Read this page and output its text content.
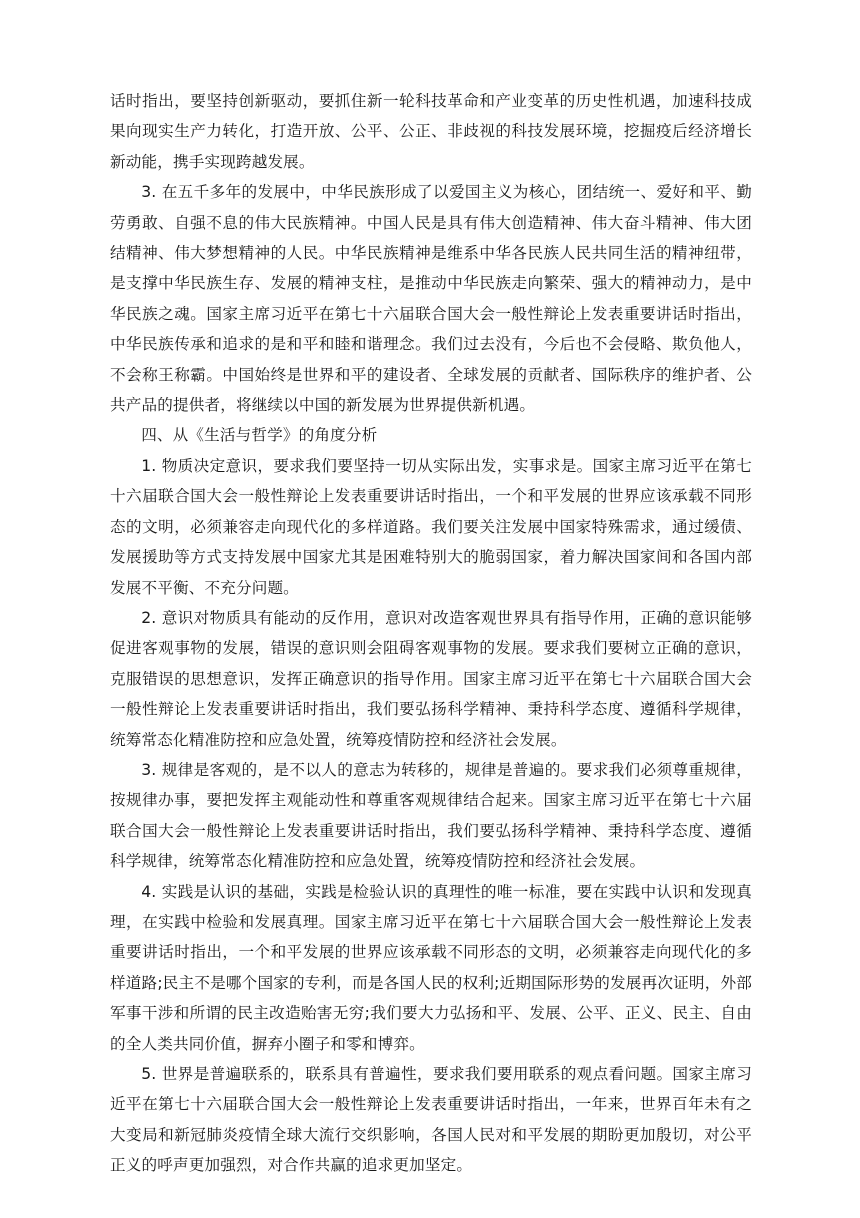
话时指出，要坚持创新驱动，要抓住新一轮科技革命和产业变革的历史性机遇，加速科技成果向现实生产力转化，打造开放、公平、公正、非歧视的科技发展环境，挖掘疫后经济增长新动能，携手实现跨越发展。

3. 在五千多年的发展中，中华民族形成了以爱国主义为核心，团结统一、爱好和平、勤劳勇敢、自强不息的伟大民族精神。中国人民是具有伟大创造精神、伟大奋斗精神、伟大团结精神、伟大梦想精神的人民。中华民族精神是维系中华各民族人民共同生活的精神纽带，是支撑中华民族生存、发展的精神支柱，是推动中华民族走向繁荣、强大的精神动力，是中华民族之魂。国家主席习近平在第七十六届联合国大会一般性辩论上发表重要讲话时指出，中华民族传承和追求的是和平和睦和谐理念。我们过去没有，今后也不会侵略、欺负他人，不会称王称霸。中国始终是世界和平的建设者、全球发展的贡献者、国际秩序的维护者、公共产品的提供者，将继续以中国的新发展为世界提供新机遇。

四、从《生活与哲学》的角度分析

1. 物质决定意识，要求我们要坚持一切从实际出发，实事求是。国家主席习近平在第七十六届联合国大会一般性辩论上发表重要讲话时指出，一个和平发展的世界应该承载不同形态的文明，必须兼容走向现代化的多样道路。我们要关注发展中国家特殊需求，通过缓债、发展援助等方式支持发展中国家尤其是困难特别大的脆弱国家，着力解决国家间和各国内部发展不平衡、不充分问题。

2. 意识对物质具有能动的反作用，意识对改造客观世界具有指导作用，正确的意识能够促进客观事物的发展，错误的意识则会阻碍客观事物的发展。要求我们要树立正确的意识，克服错误的思想意识，发挥正确意识的指导作用。国家主席习近平在第七十六届联合国大会一般性辩论上发表重要讲话时指出，我们要弘扬科学精神、秉持科学态度、遵循科学规律，统筹常态化精准防控和应急处置，统筹疫情防控和经济社会发展。

3. 规律是客观的，是不以人的意志为转移的，规律是普遍的。要求我们必须尊重规律，按规律办事，要把发挥主观能动性和尊重客观规律结合起来。国家主席习近平在第七十六届联合国大会一般性辩论上发表重要讲话时指出，我们要弘扬科学精神、秉持科学态度、遵循科学规律，统筹常态化精准防控和应急处置，统筹疫情防控和经济社会发展。

4. 实践是认识的基础，实践是检验认识的真理性的唯一标准，要在实践中认识和发现真理，在实践中检验和发展真理。国家主席习近平在第七十六届联合国大会一般性辩论上发表重要讲话时指出，一个和平发展的世界应该承载不同形态的文明，必须兼容走向现代化的多样道路;民主不是哪个国家的专利，而是各国人民的权利;近期国际形势的发展再次证明，外部军事干涉和所谓的民主改造贻害无穷;我们要大力弘扬和平、发展、公平、正义、民主、自由的全人类共同价值，摒弃小圈子和零和博弈。

5. 世界是普遍联系的，联系具有普遍性，要求我们要用联系的观点看问题。国家主席习近平在第七十六届联合国大会一般性辩论上发表重要讲话时指出，一年来，世界百年未有之大变局和新冠肺炎疫情全球大流行交织影响，各国人民对和平发展的期盼更加殷切，对公平正义的呼声更加强烈，对合作共赢的追求更加坚定。
